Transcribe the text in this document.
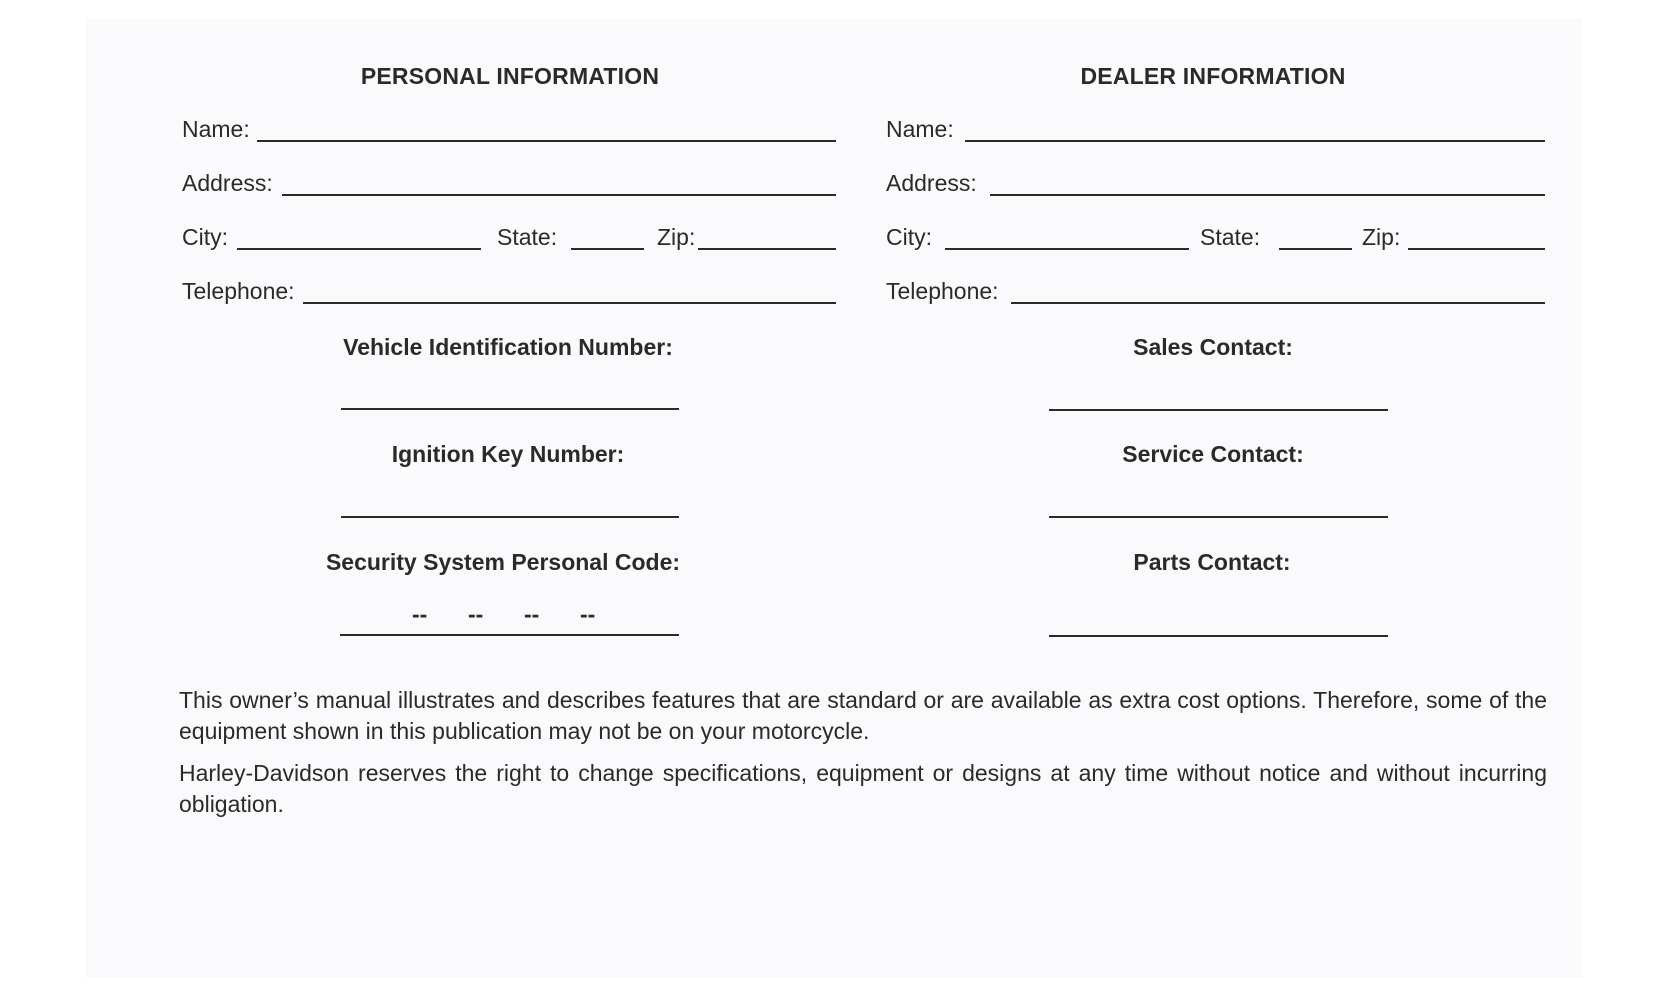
PERSONAL INFORMATION
Name:
Address:
City:	State:	Zip:
Telephone:
Vehicle Identification Number:
Ignition Key Number:
Security System Personal Code:
-- -- -- --
DEALER INFORMATION
Name:
Address:
City:	State:	Zip:
Telephone:
Sales Contact:
Service Contact:
Parts Contact:
This owner’s manual illustrates and describes features that are standard or are available as extra cost options. Therefore, some of the equipment shown in this publication may not be on your motorcycle.
Harley-Davidson reserves the right to change specifications, equipment or designs at any time without notice and without incurring obligation.
